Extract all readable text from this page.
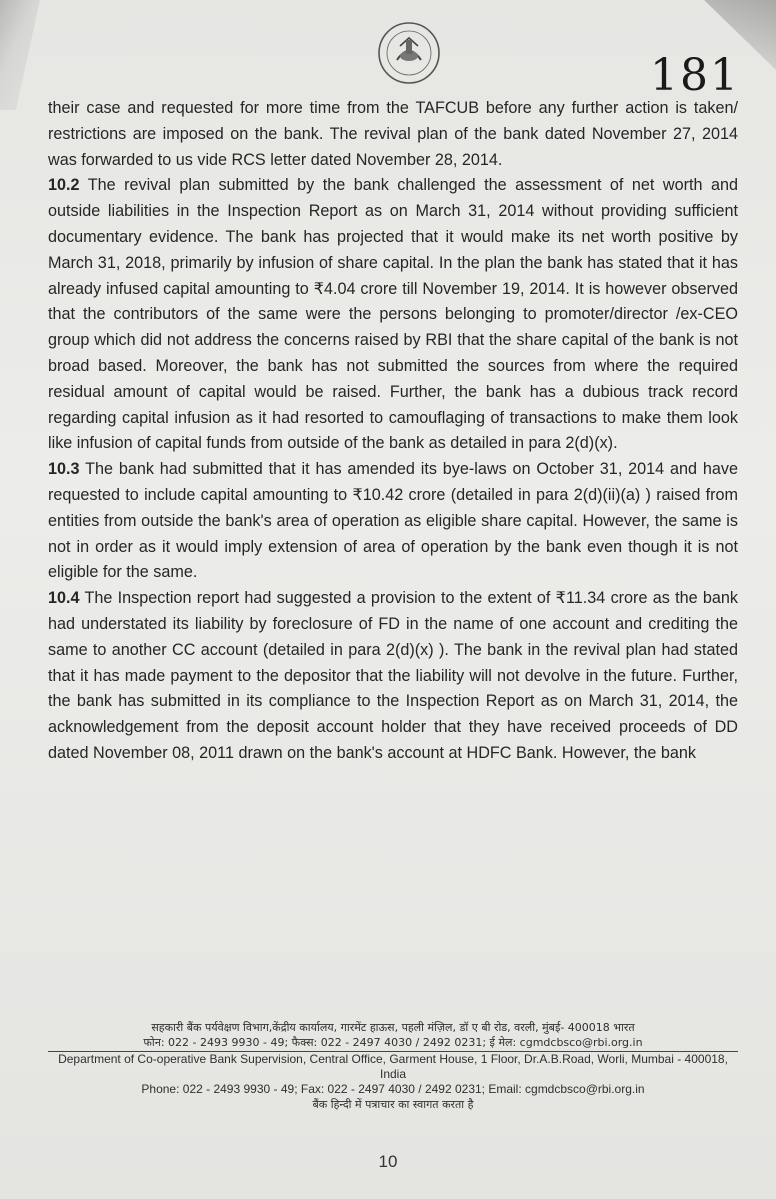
181

their case and requested for more time from the TAFCUB before any further action is taken/ restrictions are imposed on the bank. The revival plan of the bank dated November 27, 2014 was forwarded to us vide RCS letter dated November 28, 2014.

10.2 The revival plan submitted by the bank challenged the assessment of net worth and outside liabilities in the Inspection Report as on March 31, 2014 without providing sufficient documentary evidence. The bank has projected that it would make its net worth positive by March 31, 2018, primarily by infusion of share capital. In the plan the bank has stated that it has already infused capital amounting to ₹4.04 crore till November 19, 2014. It is however observed that the contributors of the same were the persons belonging to promoter/director /ex-CEO group which did not address the concerns raised by RBI that the share capital of the bank is not broad based. Moreover, the bank has not submitted the sources from where the required residual amount of capital would be raised. Further, the bank has a dubious track record regarding capital infusion as it had resorted to camouflaging of transactions to make them look like infusion of capital funds from outside of the bank as detailed in para 2(d)(x).

10.3 The bank had submitted that it has amended its bye-laws on October 31, 2014 and have requested to include capital amounting to ₹10.42 crore (detailed in para 2(d)(ii)(a) ) raised from entities from outside the bank's area of operation as eligible share capital. However, the same is not in order as it would imply extension of area of operation by the bank even though it is not eligible for the same.

10.4 The Inspection report had suggested a provision to the extent of ₹11.34 crore as the bank had understated its liability by foreclosure of FD in the name of one account and crediting the same to another CC account (detailed in para 2(d)(x) ). The bank in the revival plan had stated that it has made payment to the depositor that the liability will not devolve in the future. Further, the bank has submitted in its compliance to the Inspection Report as on March 31, 2014, the acknowledgement from the deposit account holder that they have received proceeds of DD dated November 08, 2011 drawn on the bank's account at HDFC Bank. However, the bank

सहकारी बैंक पर्यवेक्षण विभाग,केंद्रीय कार्यालय, गारमेंट हाऊस, पहली मंज़िल, डॉ ए बी रोड, वरली, मुंबई- 400018 भारत
फोन: 022 - 2493 9930 - 49; फैक्स: 022 - 2497 4030 / 2492 0231; ई मेल: cgmdcbsco@rbi.org.in
Department of Co-operative Bank Supervision, Central Office, Garment House, 1 Floor, Dr.A.B.Road, Worli, Mumbai - 400018, India
Phone: 022 - 2493 9930 - 49; Fax: 022 - 2497 4030 / 2492 0231; Email: cgmdcbsco@rbi.org.in
बैंक हिन्दी में पत्राचार का स्वागत करता है
10
